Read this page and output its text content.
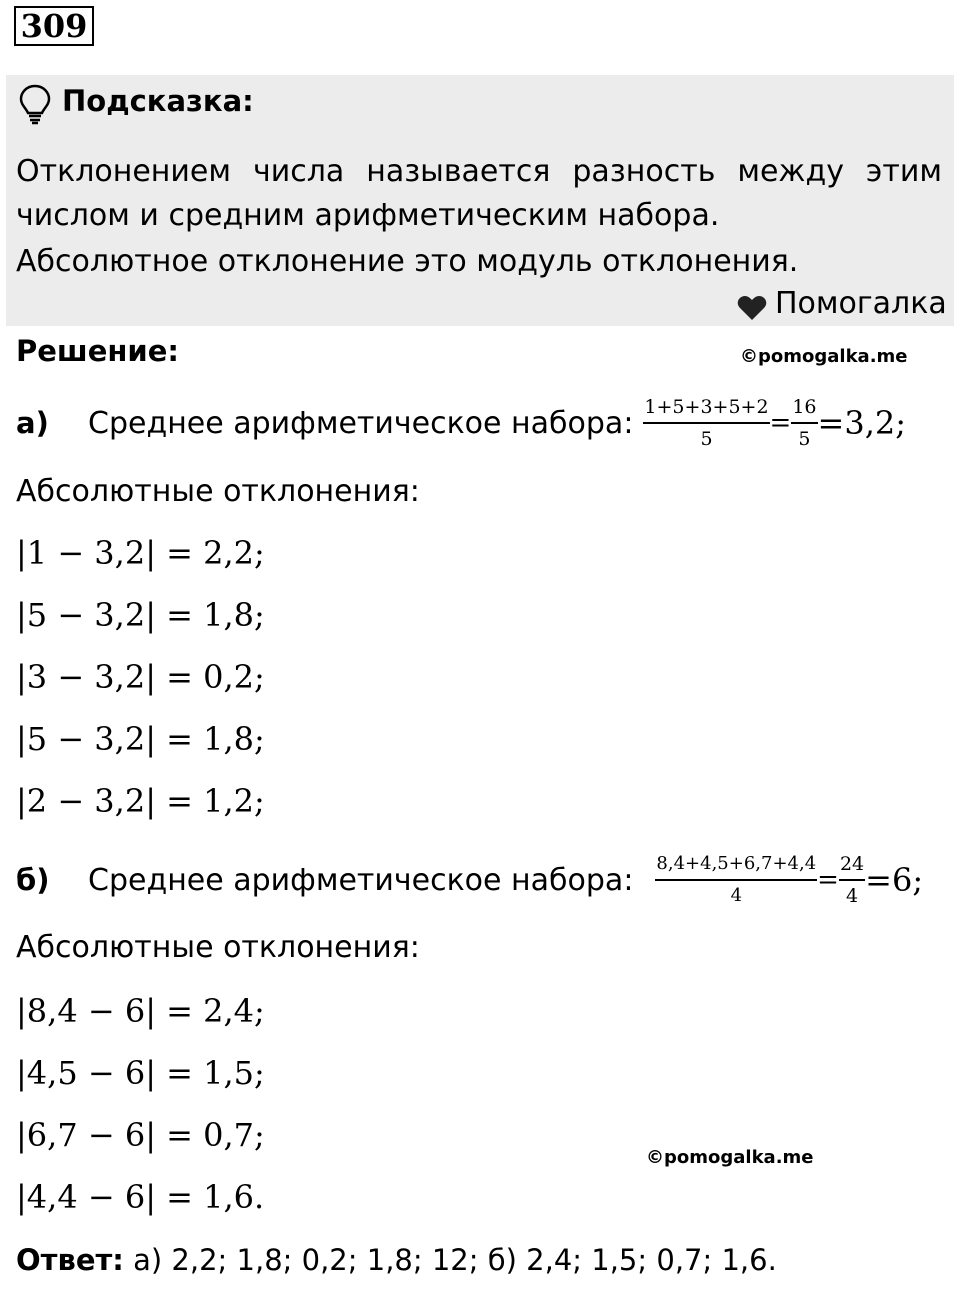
309
Подсказка:
Отклонением числа называется разность между этим
числом и средним арифметическим набора.
Абсолютное отклонение это модуль отклонения.
Помогалка
Решение:	©pomogalka.me
а)	Среднее арифметическое набора: $\frac{1+5+3+5+2}{5} = \frac{16}{5} =3,2$;
Абсолютные отклонения:
|1 − 3,2| = 2,2;
|5 − 3,2| = 1,8;
|3 − 3,2| = 0,2;
|5 − 3,2| = 1,8;
|2 − 3,2| = 1,2;
б)	Среднее арифметическое набора: $\frac{8,4+4,5+6,7+4,4}{4} = \frac{24}{4} =6$;
Абсолютные отклонения:
|8,4 − 6| = 2,4;
|4,5 − 6| = 1,5;
|6,7 − 6| = 0,7;
|4,4 − 6| = 1,6.
©pomogalka.me
Ответ: а) 2,2; 1,8; 0,2; 1,8; 12; б) 2,4; 1,5; 0,7; 1,6.
